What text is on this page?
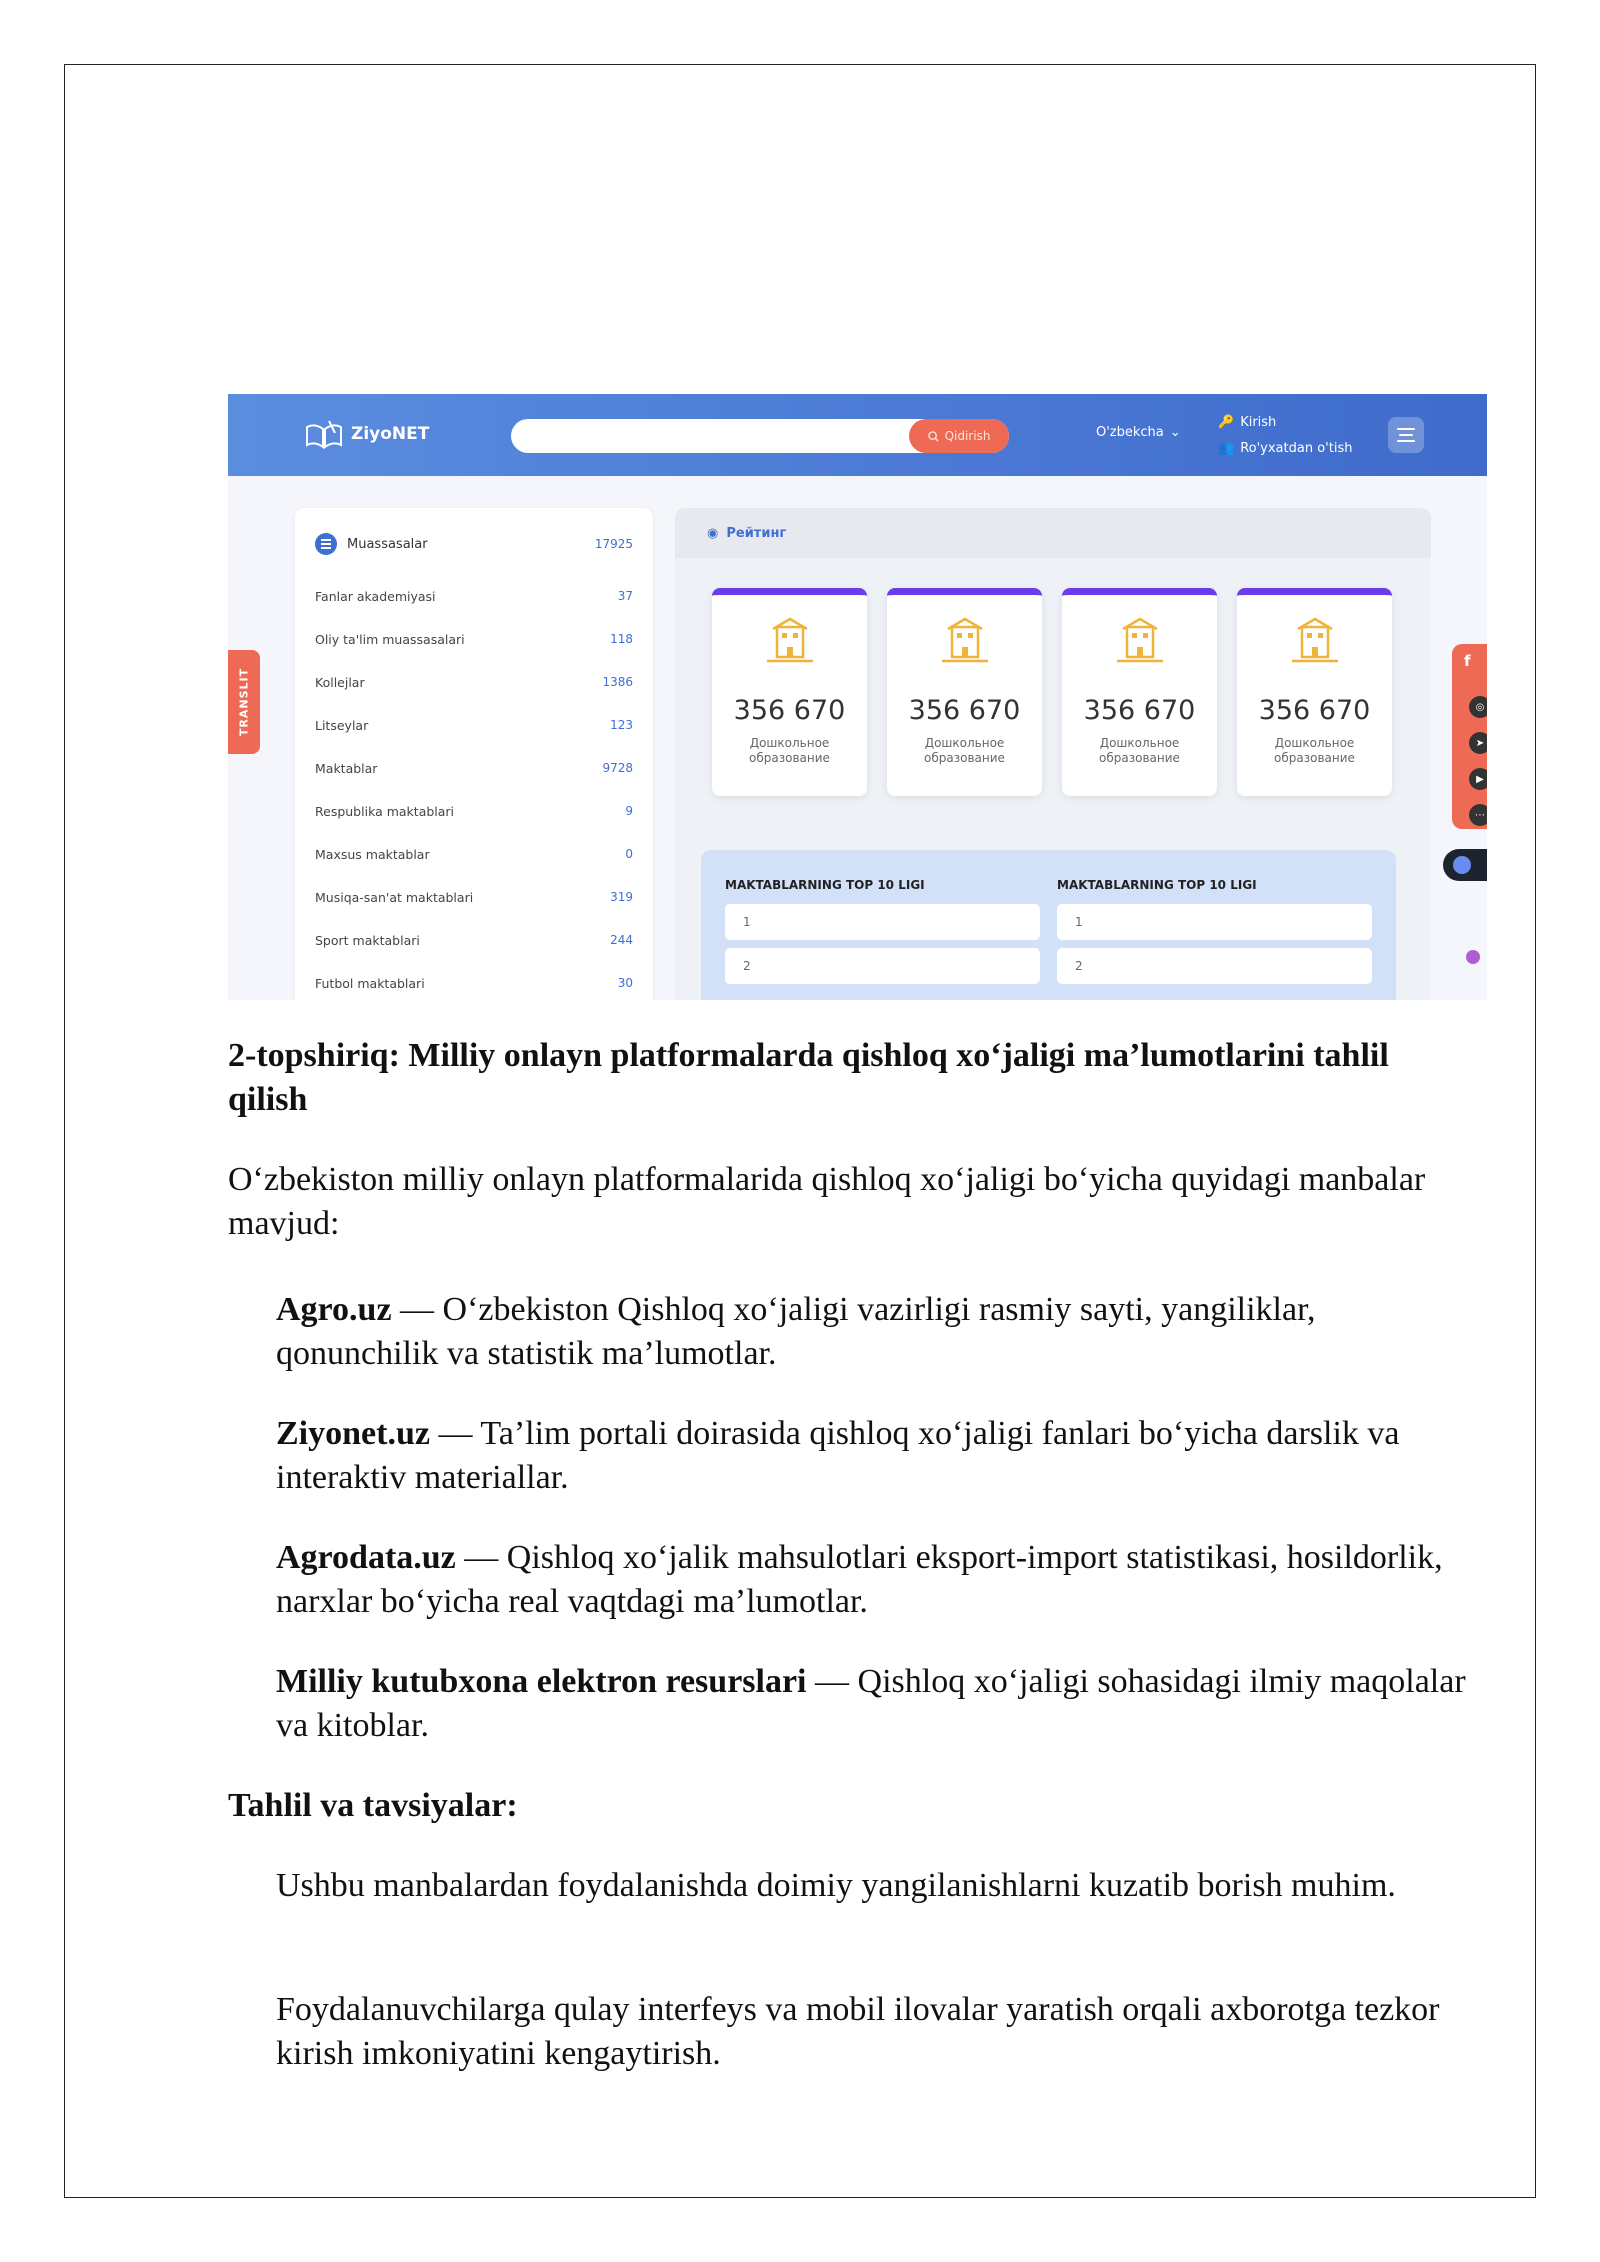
ZiyoNET	Qidirish	O'zbekcha ⌄
🔑 Kirish
👥 Ro'yxatdan o'tish
TRANSLIT
Muassasalar	17925
Fanlar akademiyasi	37
Oliy ta'lim muassasalari	118
Kollejlar	1386
Litseylar	123
Maktablar	9728
Respublika maktablari	9
Maxsus maktablar	0
Musiqa-san'at maktablari	319
Sport maktablari	244
Futbol maktablari	30
◉ Рейтинг
356 670
Дошкольное
образование
356 670
Дошкольное
образование
356 670
Дошкольное
образование
356 670
Дошкольное
образование
MAKTABLARNING TOP 10 LIGI
1
2
MAKTABLARNING TOP 10 LIGI
1
2
f
◎
➤
▶
⋯
2-topshiriq: Milliy onlayn platformalarda qishloq xo‘jaligi ma’lumotlarini tahlil qilish
O‘zbekiston milliy onlayn platformalarida qishloq xo‘jaligi bo‘yicha quyidagi manbalar mavjud:
Agro.uz — O‘zbekiston Qishloq xo‘jaligi vazirligi rasmiy sayti, yangiliklar, qonunchilik va statistik ma’lumotlar.
Ziyonet.uz — Ta’lim portali doirasida qishloq xo‘jaligi fanlari bo‘yicha darslik va interaktiv materiallar.
Agrodata.uz — Qishloq xo‘jalik mahsulotlari eksport-import statistikasi, hosildorlik, narxlar bo‘yicha real vaqtdagi ma’lumotlar.
Milliy kutubxona elektron resurslari — Qishloq xo‘jaligi sohasidagi ilmiy maqolalar va kitoblar.
Tahlil va tavsiyalar:
Ushbu manbalardan foydalanishda doimiy yangilanishlarni kuzatib borish muhim.
Foydalanuvchilarga qulay interfeys va mobil ilovalar yaratish orqali axborotga tezkor kirish imkoniyatini kengaytirish.
